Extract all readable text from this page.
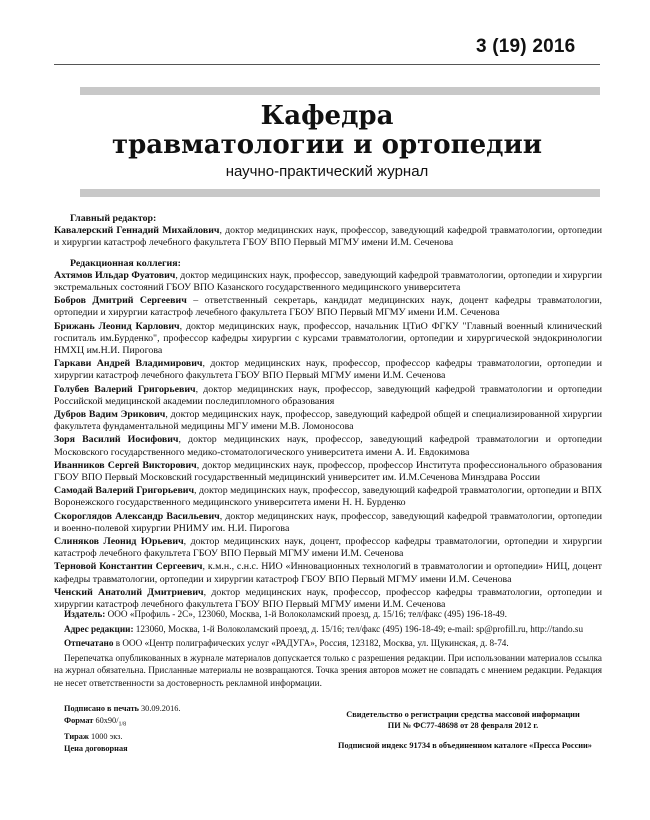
3 (19) 2016
Кафедра
травматологии и ортопедии
научно-практический журнал

Главный редактор:

Кавалерский Геннадий Михайлович, доктор медицинских наук, профессор, заведующий кафедрой травматологии, ортопедии и хирургии катастроф лечебного факультета ГБОУ ВПО Первый МГМУ имени И.М. Сеченова

Редакционная коллегия:

Ахтямов Ильдар Фуатович, доктор медицинских наук, профессор, заведующий кафедрой травматологии, ортопедии и хирургии экстремальных состояний ГБОУ ВПО Казанского государственного медицинского университета

Бобров Дмитрий Сергеевич – ответственный секретарь, кандидат медицинских наук, доцент кафедры травматологии, ортопедии и хирургии катастроф лечебного факультета ГБОУ ВПО Первый МГМУ имени И.М. Сеченова

Брижань Леонид Карлович, доктор медицинских наук, профессор, начальник ЦТиО ФГКУ "Главный военный клинический госпиталь им.Бурденко", профессор кафедры хирургии с курсами травматологии, ортопедии и хирургической эндокринологии НМХЦ им.Н.И. Пирогова

Гаркави Андрей Владимирович, доктор медицинских наук, профессор, профессор кафедры травматологии, ортопедии и хирургии катастроф лечебного факультета ГБОУ ВПО Первый МГМУ имени И.М. Сеченова

Голубев Валерий Григорьевич, доктор медицинских наук, профессор, заведующий кафедрой травматологии и ортопедии Российской медицинской академии последипломного образования

Дубров Вадим Эрикович, доктор медицинских наук, профессор, заведующий кафедрой общей и специализированной хирургии факультета фундаментальной медицины МГУ имени М.В. Ломоносова

Зоря Василий Иосифович, доктор медицинских наук, профессор, заведующий кафедрой травматологии и ортопедии Московского государственного медико-стоматологического университета имени А. И. Евдокимова

Иванников Сергей Викторович, доктор медицинских наук, профессор, профессор Института профессионального образования ГБОУ ВПО Первый Московский государственный медицинский университет им. И.М.Сеченова Минздрава России

Самодай Валерий Григорьевич, доктор медицинских наук, профессор, заведующий кафедрой травматологии, ортопедии и ВПХ Воронежского государственного медицинского университета имени Н. Н. Бурденко

Скороглядов Александр Васильевич, доктор медицинских наук, профессор, заведующий кафедрой травматологии, ортопедии и военно-полевой хирургии РНИМУ им. Н.И. Пирогова

Слиняков Леонид Юрьевич, доктор медицинских наук, доцент, профессор кафедры травматологии, ортопедии и хирургии катастроф лечебного факультета ГБОУ ВПО Первый МГМУ имени И.М. Сеченова

Терновой Константин Сергеевич, к.м.н., с.н.с. НИО «Инновационных технологий в травматологии и ортопедии» НИЦ, доцент кафедры травматологии, ортопедии и хирургии катастроф ГБОУ ВПО Первый МГМУ имени И.М. Сеченова

Ченский Анатолий Дмитриевич, доктор медицинских наук, профессор, профессор кафедры травматологии, ортопедии и хирургии катастроф лечебного факультета ГБОУ ВПО Первый МГМУ имени И.М. Сеченова

Издатель: ООО «Профиль - 2С», 123060, Москва, 1-й Волоколамский проезд, д. 15/16; тел/факс (495) 196-18-49.

Адрес редакции: 123060, Москва, 1-й Волоколамский проезд, д. 15/16; тел/факс (495) 196-18-49; e-mail: sp@profill.ru, http://tando.su

Отпечатано в ООО «Центр полиграфических услуг «РАДУГА», Россия, 123182, Москва, ул. Щукинская, д. 8-74.

Перепечатка опубликованных в журнале материалов допускается только с разрешения редакции. При использовании материалов ссылка на журнал обязательна. Присланные материалы не возвращаются. Точка зрения авторов может не совпадать с мнением редакции. Редакция не несет ответственности за достоверность рекламной информации.

Подписано в печать 30.09.2016.
Формат $60х90/_{1/8}$
Тираж 1000 экз.
Цена договорная
Свидетельство о регистрации средства массовой информации
ПИ № ФС77-48698 от 28 февраля 2012 г.
Подписной индекс 91734 в объединенном каталоге «Пресса России»
